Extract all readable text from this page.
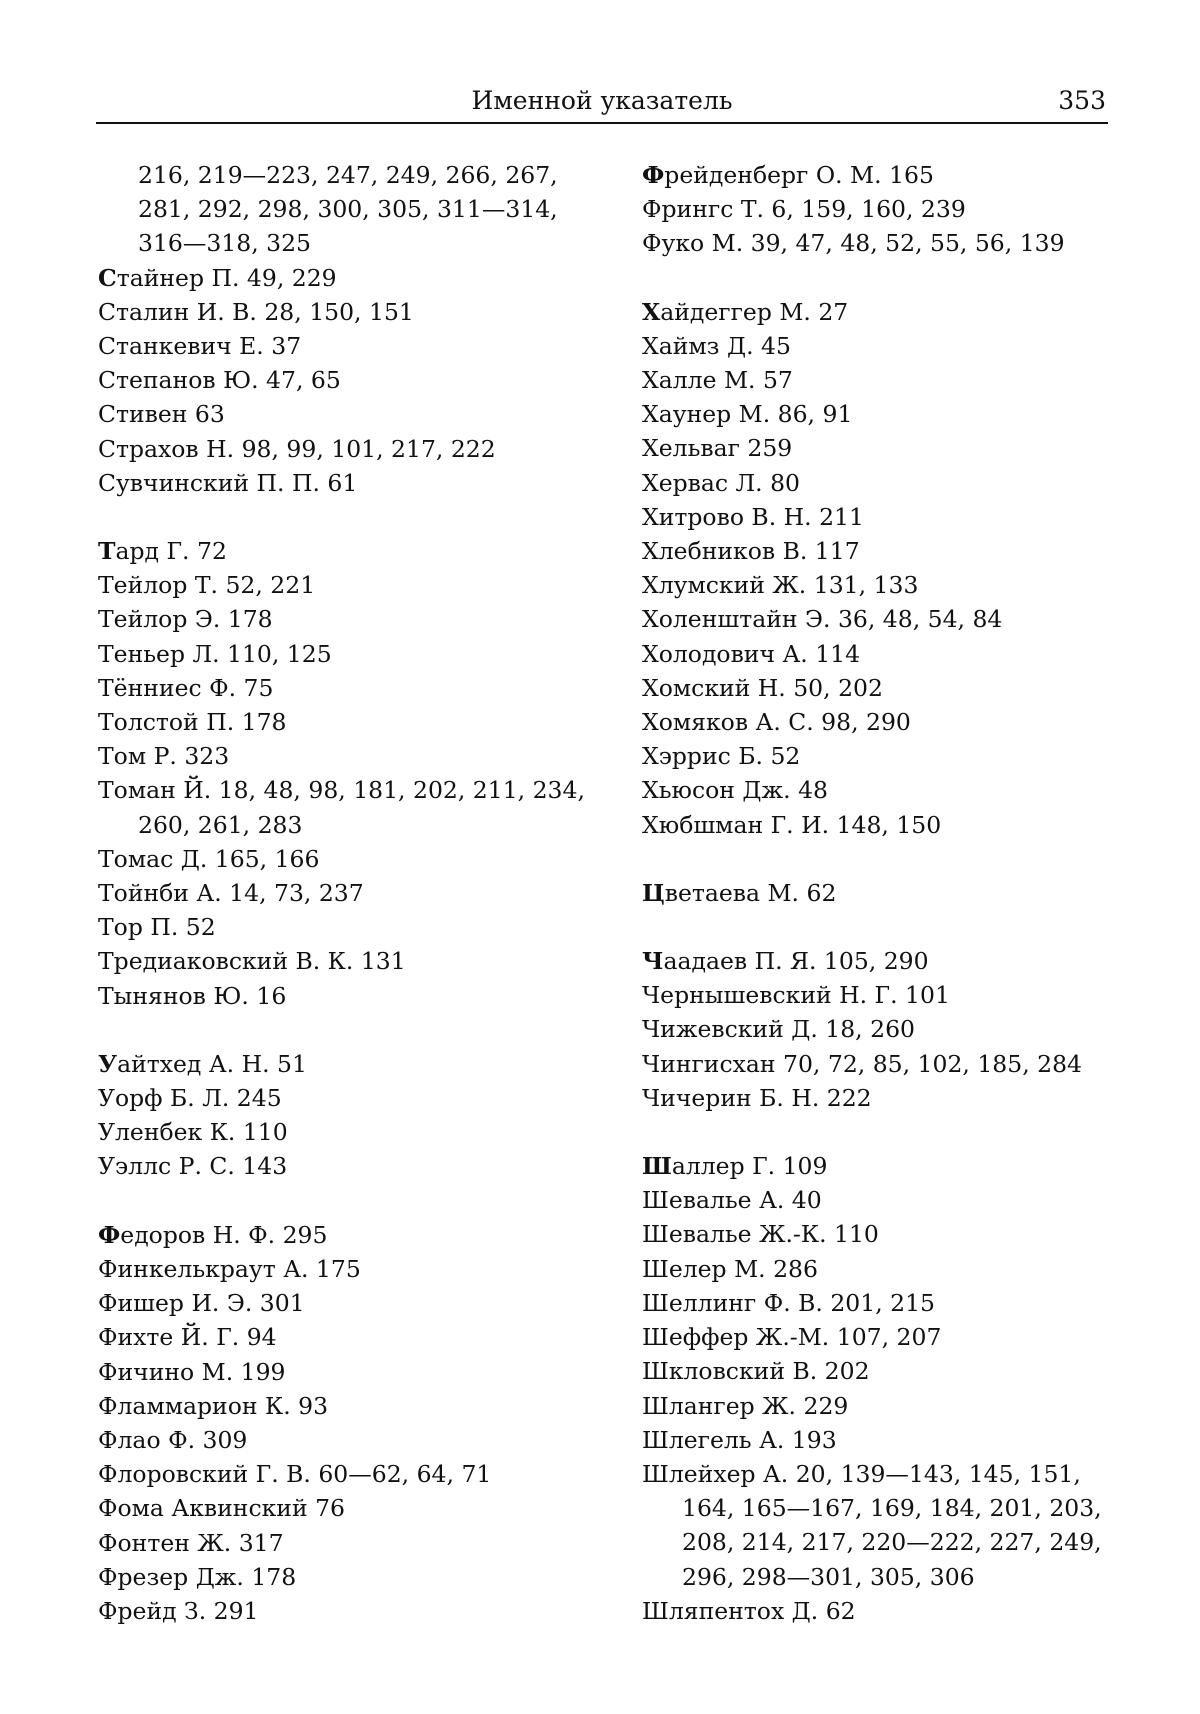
Именной указатель	353
216, 219—223, 247, 249, 266, 267, 281, 292, 298, 300, 305, 311—314, 316—318, 325
Стайнер П. 49, 229
Сталин И. В. 28, 150, 151
Станкевич Е. 37
Степанов Ю. 47, 65
Стивен 63
Страхов Н. 98, 99, 101, 217, 222
Сувчинский П. П. 61
Тард Г. 72
Тейлор Т. 52, 221
Тейлор Э. 178
Теньер Л. 110, 125
Тённиес Ф. 75
Толстой П. 178
Том Р. 323
Томан Й. 18, 48, 98, 181, 202, 211, 234, 260, 261, 283
Томас Д. 165, 166
Тойнби А. 14, 73, 237
Тор П. 52
Тредиаковский В. К. 131
Тынянов Ю. 16
Уайтхед А. Н. 51
Уорф Б. Л. 245
Уленбек К. 110
Уэллс Р. С. 143
Федоров Н. Ф. 295
Финкелькраут А. 175
Фишер И. Э. 301
Фихте Й. Г. 94
Фичино М. 199
Фламмарион К. 93
Флао Ф. 309
Флоровский Г. В. 60—62, 64, 71
Фома Аквинский 76
Фонтен Ж. 317
Фрезер Дж. 178
Фрейд З. 291
Фрейденберг О. М. 165
Фрингс Т. 6, 159, 160, 239
Фуко М. 39, 47, 48, 52, 55, 56, 139
Хайдеггер М. 27
Хаймз Д. 45
Халле М. 57
Хаунер М. 86, 91
Хельваг 259
Хервас Л. 80
Хитрово В. Н. 211
Хлебников В. 117
Хлумский Ж. 131, 133
Холенштайн Э. 36, 48, 54, 84
Холодович А. 114
Хомский Н. 50, 202
Хомяков А. С. 98, 290
Хэррис Б. 52
Хьюсон Дж. 48
Хюбшман Г. И. 148, 150
Цветаева М. 62
Чаадаев П. Я. 105, 290
Чернышевский Н. Г. 101
Чижевский Д. 18, 260
Чингисхан 70, 72, 85, 102, 185, 284
Чичерин Б. Н. 222
Шаллер Г. 109
Шевалье А. 40
Шевалье Ж.-К. 110
Шелер М. 286
Шеллинг Ф. В. 201, 215
Шеффер Ж.-М. 107, 207
Шкловский В. 202
Шлангер Ж. 229
Шлегель А. 193
Шлейхер А. 20, 139—143, 145, 151, 164, 165—167, 169, 184, 201, 203, 208, 214, 217, 220—222, 227, 249, 296, 298—301, 305, 306
Шляпентох Д. 62
